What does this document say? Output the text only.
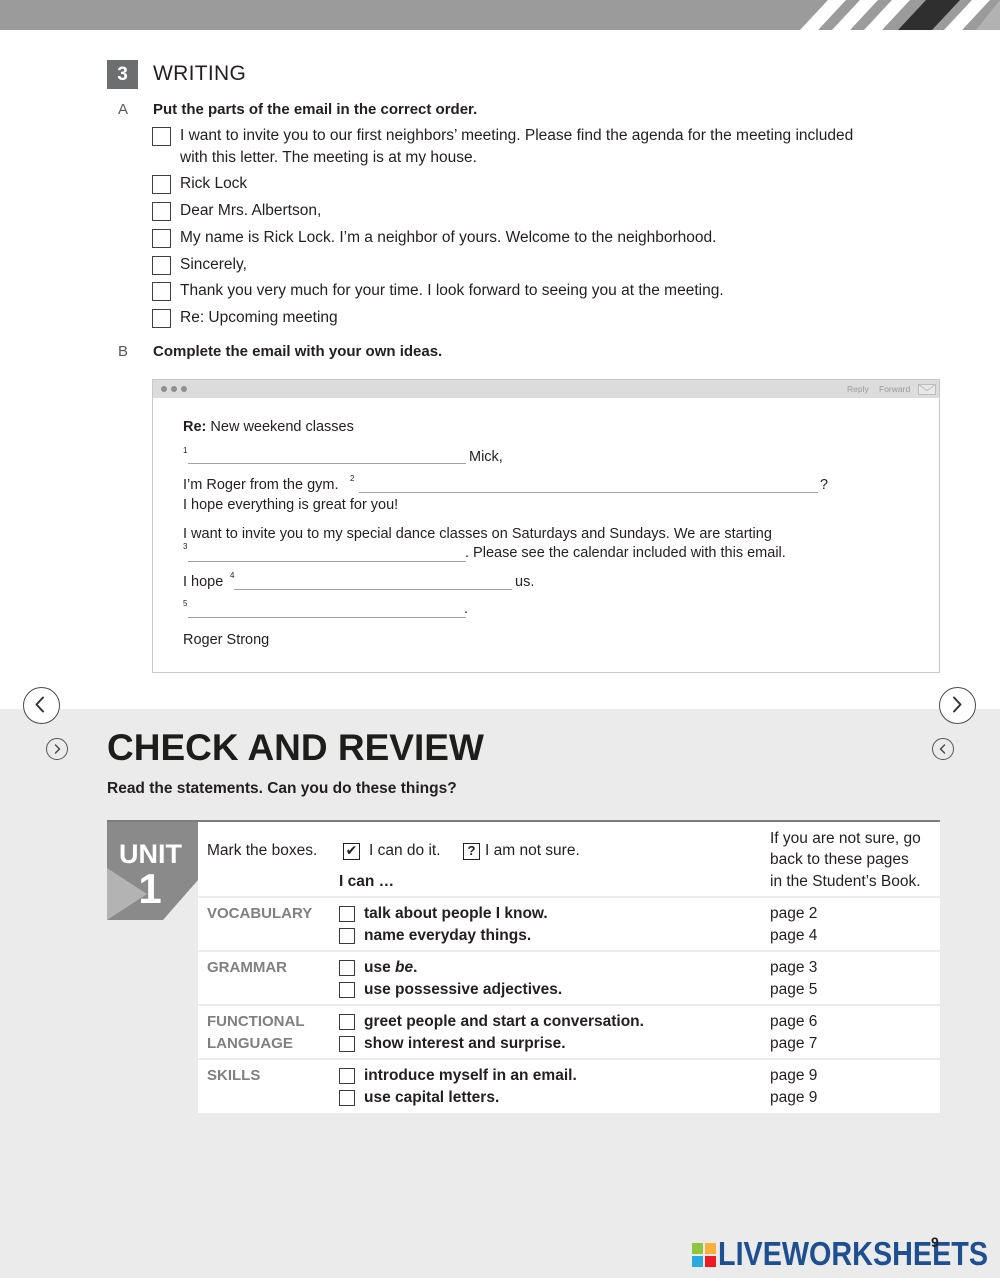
3	WRITING
A Put the parts of the email in the correct order.
I want to invite you to our first neighbors’ meeting. Please find the agenda for the meeting included
with this letter. The meeting is at my house.
Rick Lock
Dear Mrs. Albertson,
My name is Rick Lock. I’m a neighbor of yours. Welcome to the neighborhood.
Sincerely,
Thank you very much for your time. I look forward to seeing you at the meeting.
Re: Upcoming meeting
B Complete the email with your own ideas.
Reply Forward
Re: New weekend classes
1	Mick,
I’m Roger from the gym. 2	?
I hope everything is great for you!
I want to invite you to my special dance classes on Saturdays and Sundays. We are starting
3	. Please see the calendar included with this email.
I hope 4	us.
5	.
Roger Strong
CHECK AND REVIEW
Read the statements. Can you do these things?
UNIT
1
Mark the boxes. ✔ I can do it.	? I am not sure.
I can …
If you are not sure, go
back to these pages
in the Student’s Book.
VOCABULARY	talk about people I know.	page 2
name everyday things.	page 4
GRAMMAR	use be.	page 3
use possessive adjectives.	page 5
FUNCTIONAL
LANGUAGE
greet people and start a conversation.	page 6
show interest and surprise.	page 7
SKILLS	introduce myself in an email.	page 9
use capital letters.	page 9
LIVEWORKSHEETS
9
